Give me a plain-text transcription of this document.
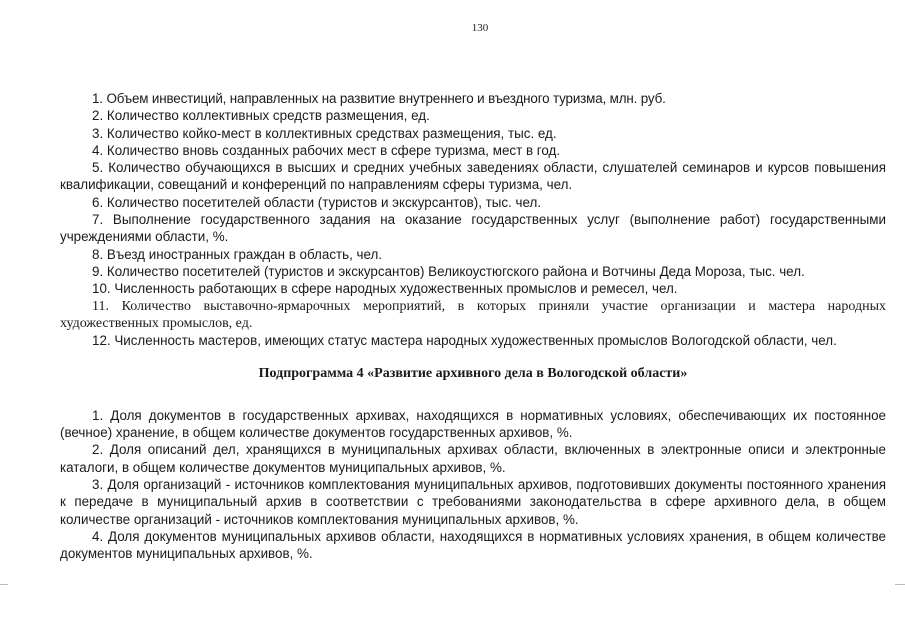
130

1. Объем инвестиций, направленных на развитие внутреннего и въездного туризма, млн. руб.

2. Количество коллективных средств размещения, ед.

3. Количество койко-мест в коллективных средствах размещения, тыс. ед.

4. Количество вновь созданных рабочих мест в сфере туризма, мест в год.

5. Количество обучающихся в высших и средних учебных заведениях области, слушателей семинаров и курсов повышения квалификации, совещаний и конференций по направлениям сферы туризма, чел.

6. Количество посетителей области (туристов и экскурсантов), тыс. чел.

7. Выполнение государственного задания на оказание государственных услуг (выполнение работ) государственными учреждениями области, %.

8. Въезд иностранных граждан в область, чел.

9. Количество посетителей (туристов и экскурсантов) Великоустюгского района и Вотчины Деда Мороза, тыс. чел.

10. Численность работающих в сфере народных художественных промыслов и ремесел, чел.

11. Количество выставочно-ярмарочных мероприятий, в которых приняли участие организации и мастера народных художественных промыслов, ед.

12. Численность мастеров, имеющих статус мастера народных художественных промыслов Вологодской области, чел.

Подпрограмма 4 «Развитие архивного дела в Вологодской области»

1. Доля документов в государственных архивах, находящихся в нормативных условиях, обеспечивающих их постоянное (вечное) хранение, в общем количестве документов государственных архивов, %.

2. Доля описаний дел, хранящихся в муниципальных архивах области, включенных в электронные описи и электронные каталоги, в общем количестве документов муниципальных архивов, %.

3. Доля организаций - источников комплектования муниципальных архивов, подготовивших документы постоянного хранения к передаче в муниципальный архив в соответствии с требованиями законодательства в сфере архивного дела, в общем количестве организаций - источников комплектования муниципальных архивов, %.

4. Доля документов муниципальных архивов области, находящихся в нормативных условиях хранения, в общем количестве документов муниципальных архивов, %.
